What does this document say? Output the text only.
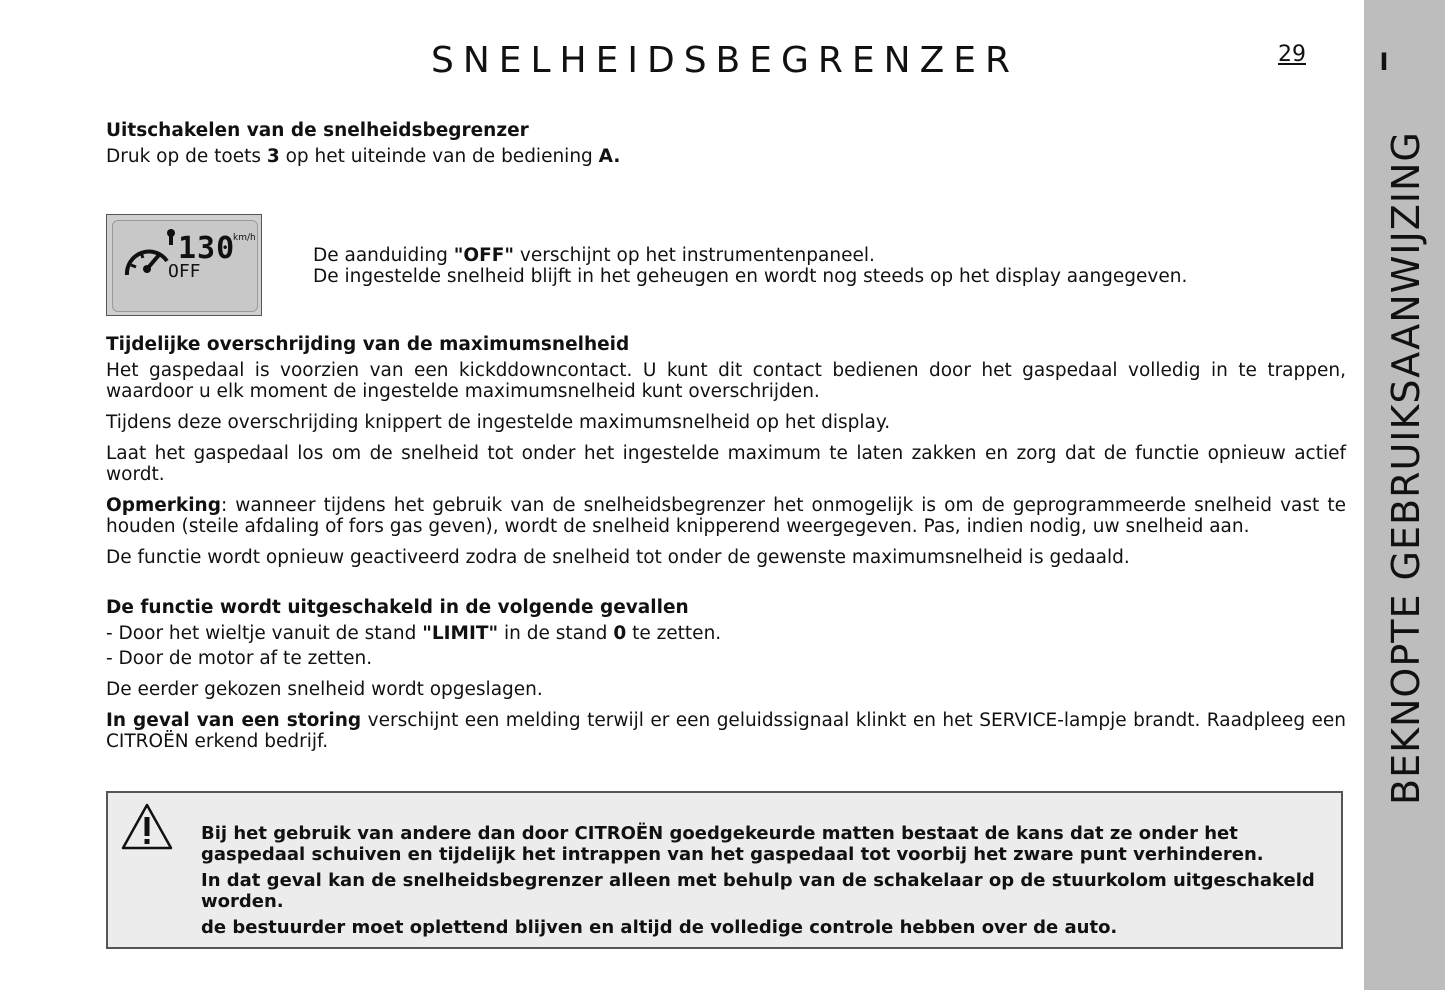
SNELHEIDSBEGRENZER	29	I
BEKNOPTE GEBRUIKSAANWIJZING
Uitschakelen van de snelheidsbegrenzer
Druk op de toets 3 op het uiteinde van de bediening A.
130
km/h
OFF
De aanduiding "OFF" verschijnt op het instrumentenpaneel.
De ingestelde snelheid blijft in het geheugen en wordt nog steeds op het display aangegeven.
Tijdelijke overschrijding van de maximumsnelheid
Het gaspedaal is voorzien van een kickddowncontact. U kunt dit contact bedienen door het gaspedaal volledig in te trappen, waardoor u elk moment de ingestelde maximumsnelheid kunt overschrijden.
Tijdens deze overschrijding knippert de ingestelde maximumsnelheid op het display.
Laat het gaspedaal los om de snelheid tot onder het ingestelde maximum te laten zakken en zorg dat de functie opnieuw actief wordt.
Opmerking: wanneer tijdens het gebruik van de snelheidsbegrenzer het onmogelijk is om de geprogrammeerde snelheid vast te houden (steile afdaling of fors gas geven), wordt de snelheid knipperend weergegeven. Pas, indien nodig, uw snelheid aan.
De functie wordt opnieuw geactiveerd zodra de snelheid tot onder de gewenste maximumsnelheid is gedaald.
De functie wordt uitgeschakeld in de volgende gevallen
- Door het wieltje vanuit de stand "LIMIT" in de stand 0 te zetten.
- Door de motor af te zetten.
De eerder gekozen snelheid wordt opgeslagen.
In geval van een storing verschijnt een melding terwijl er een geluidssignaal klinkt en het SERVICE-lampje brandt. Raadpleeg een CITROËN erkend bedrijf.

Bij het gebruik van andere dan door CITROËN goedgekeurde matten bestaat de kans dat ze onder het gaspedaal schuiven en tijdelijk het intrappen van het gaspedaal tot voorbij het zware punt verhinderen.

In dat geval kan de snelheidsbegrenzer alleen met behulp van de schakelaar op de stuurkolom uitgeschakeld worden.

de bestuurder moet oplettend blijven en altijd de volledige controle hebben over de auto.
